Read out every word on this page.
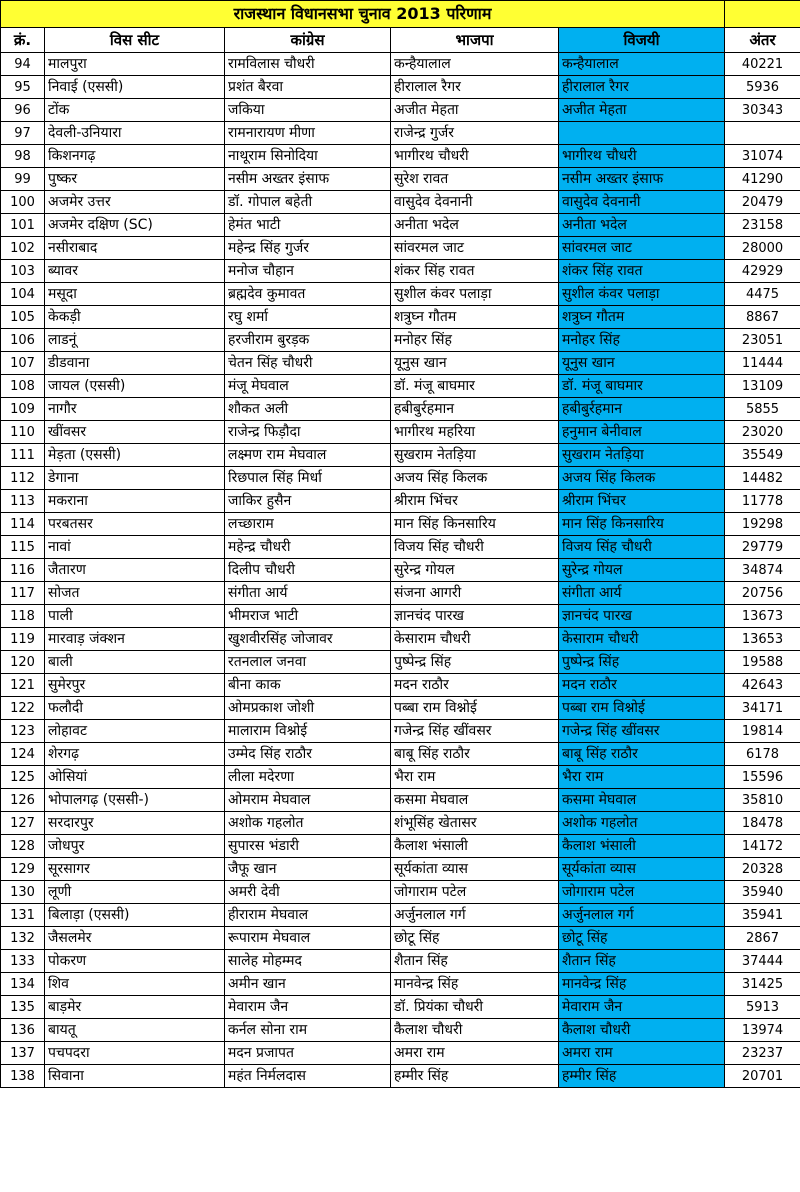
राजस्थान विधानसभा चुनाव 2013 परिणाम					
क्रं.	विस सीट	कांग्रेस	भाजपा	विजयी	अंतर
94	मालपुरा	रामविलास चौधरी	कन्हैयालाल	कन्हैयालाल	40221
95	निवाई (एससी)	प्रशंत बैरवा	हीरालाल रैगर	हीरालाल रैगर	5936
96	टोंक	जकिया	अजीत मेहता	अजीत मेहता	30343
97	देवली-उनियारा	रामनारायण मीणा	राजेन्द्र गुर्जर		
98	किशनगढ़	नाथूराम सिनोदिया	भागीरथ चौधरी	भागीरथ चौधरी	31074
99	पुष्कर	नसीम अख्तर इंसाफ	सुरेश रावत	नसीम अख्तर इंसाफ	41290
100	अजमेर उत्तर	डॉ. गोपाल बहेती	वासुदेव देवनानी	वासुदेव देवनानी	20479
101	अजमेर दक्षिण (SC)	हेमंत भाटी	अनीता भदेल	अनीता भदेल	23158
102	नसीराबाद	महेन्द्र सिंह गुर्जर	सांवरमल जाट	सांवरमल जाट	28000
103	ब्यावर	मनोज चौहान	शंकर सिंह रावत	शंकर सिंह रावत	42929
104	मसूदा	ब्रह्मदेव कुमावत	सुशील कंवर पलाड़ा	सुशील कंवर पलाड़ा	4475
105	केकड़ी	रघु शर्मा	शत्रुघ्न गौतम	शत्रुघ्न गौतम	8867
106	लाडनूं	हरजीराम बुरड़क	मनोहर सिंह	मनोहर सिंह	23051
107	डीडवाना	चेतन सिंह चौधरी	यूनुस खान	यूनुस खान	11444
108	जायल (एससी)	मंजू मेघवाल	डॉ. मंजू बाघमार	डॉ. मंजू बाघमार	13109
109	नागौर	शौकत अली	हबीबुर्रहमान	हबीबुर्रहमान	5855
110	खींवसर	राजेन्द्र फिड़ौदा	भागीरथ महरिया	हनुमान बेनीवाल	23020
111	मेड़ता (एससी)	लक्ष्मण राम मेघवाल	सुखराम नेतड़िया	सुखराम नेतड़िया	35549
112	डेगाना	रिछपाल सिंह मिर्धा	अजय सिंह किलक	अजय सिंह किलक	14482
113	मकराना	जाकिर हुसैन	श्रीराम भिंचर	श्रीराम भिंचर	11778
114	परबतसर	लच्छाराम	मान सिंह किनसारिय	मान सिंह किनसारिय	19298
115	नावां	महेन्द्र चौधरी	विजय सिंह चौधरी	विजय सिंह चौधरी	29779
116	जैतारण	दिलीप चौधरी	सुरेन्द्र गोयल	सुरेन्द्र गोयल	34874
117	सोजत	संगीता आर्य	संजना आगरी	संगीता आर्य	20756
118	पाली	भीमराज भाटी	ज्ञानचंद पारख	ज्ञानचंद पारख	13673
119	मारवाड़ जंक्शन	खुशवीरसिंह जोजावर	केसाराम चौधरी	केसाराम चौधरी	13653
120	बाली	रतनलाल जनवा	पुष्पेन्द्र सिंह	पुष्पेन्द्र सिंह	19588
121	सुमेरपुर	बीना काक	मदन राठौर	मदन राठौर	42643
122	फलौदी	ओमप्रकाश जोशी	पब्बा राम विश्नोई	पब्बा राम विश्नोई	34171
123	लोहावट	मालाराम विश्नोई	गजेन्द्र सिंह खींवसर	गजेन्द्र सिंह खींवसर	19814
124	शेरगढ़	उम्मेद सिंह राठौर	बाबू सिंह राठौर	बाबू सिंह राठौर	6178
125	ओसियां	लीला मदेरणा	भैरा राम	भैरा राम	15596
126	भोपालगढ़ (एससी-)	ओमराम मेघवाल	कसमा मेघवाल	कसमा मेघवाल	35810
127	सरदारपुर	अशोक गहलोत	शंभूसिंह खेतासर	अशोक गहलोत	18478
128	जोधपुर	सुपारस भंडारी	कैलाश भंसाली	कैलाश भंसाली	14172
129	सूरसागर	जैफू खान	सूर्यकांता व्यास	सूर्यकांता व्यास	20328
130	लूणी	अमरी देवी	जोगाराम पटेल	जोगाराम पटेल	35940
131	बिलाड़ा (एससी)	हीराराम मेघवाल	अर्जुनलाल गर्ग	अर्जुनलाल गर्ग	35941
132	जैसलमेर	रूपाराम मेघवाल	छोटू सिंह	छोटू सिंह	2867
133	पोकरण	सालेह मोहम्मद	शैतान सिंह	शैतान सिंह	37444
134	शिव	अमीन खान	मानवेन्द्र सिंह	मानवेन्द्र सिंह	31425
135	बाड़मेर	मेवाराम जैन	डॉ. प्रियंका चौधरी	मेवाराम जैन	5913
136	बायतू	कर्नल सोना राम	कैलाश चौधरी	कैलाश चौधरी	13974
137	पचपदरा	मदन प्रजापत	अमरा राम	अमरा राम	23237
138	सिवाना	महंत निर्मलदास	हम्मीर सिंह	हम्मीर सिंह	20701
